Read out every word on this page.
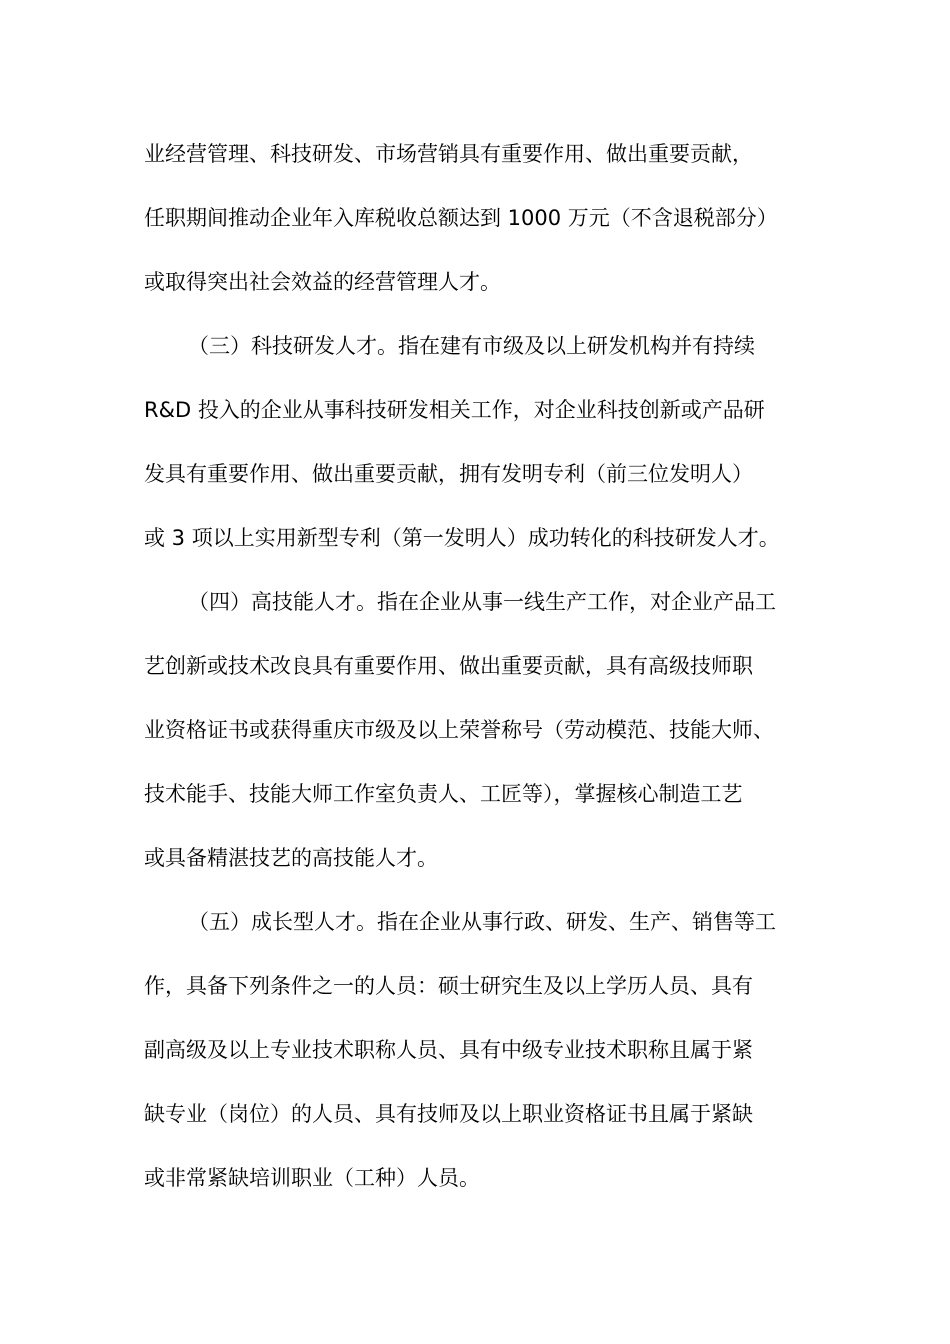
业经营管理、科技研发、市场营销具有重要作用、做出重要贡献，
任职期间推动企业年入库税收总额达到 1000 万元（不含退税部分）
或取得突出社会效益的经营管理人才。
（三）科技研发人才。指在建有市级及以上研发机构并有持续
R&D 投入的企业从事科技研发相关工作，对企业科技创新或产品研
发具有重要作用、做出重要贡献，拥有发明专利（前三位发明人）
或 3 项以上实用新型专利（第一发明人）成功转化的科技研发人才。
（四）高技能人才。指在企业从事一线生产工作，对企业产品工
艺创新或技术改良具有重要作用、做出重要贡献，具有高级技师职
业资格证书或获得重庆市级及以上荣誉称号（劳动模范、技能大师、
技术能手、技能大师工作室负责人、工匠等），掌握核心制造工艺
或具备精湛技艺的高技能人才。
（五）成长型人才。指在企业从事行政、研发、生产、销售等工
作，具备下列条件之一的人员：硕士研究生及以上学历人员、具有
副高级及以上专业技术职称人员、具有中级专业技术职称且属于紧
缺专业（岗位）的人员、具有技师及以上职业资格证书且属于紧缺
或非常紧缺培训职业（工种）人员。
